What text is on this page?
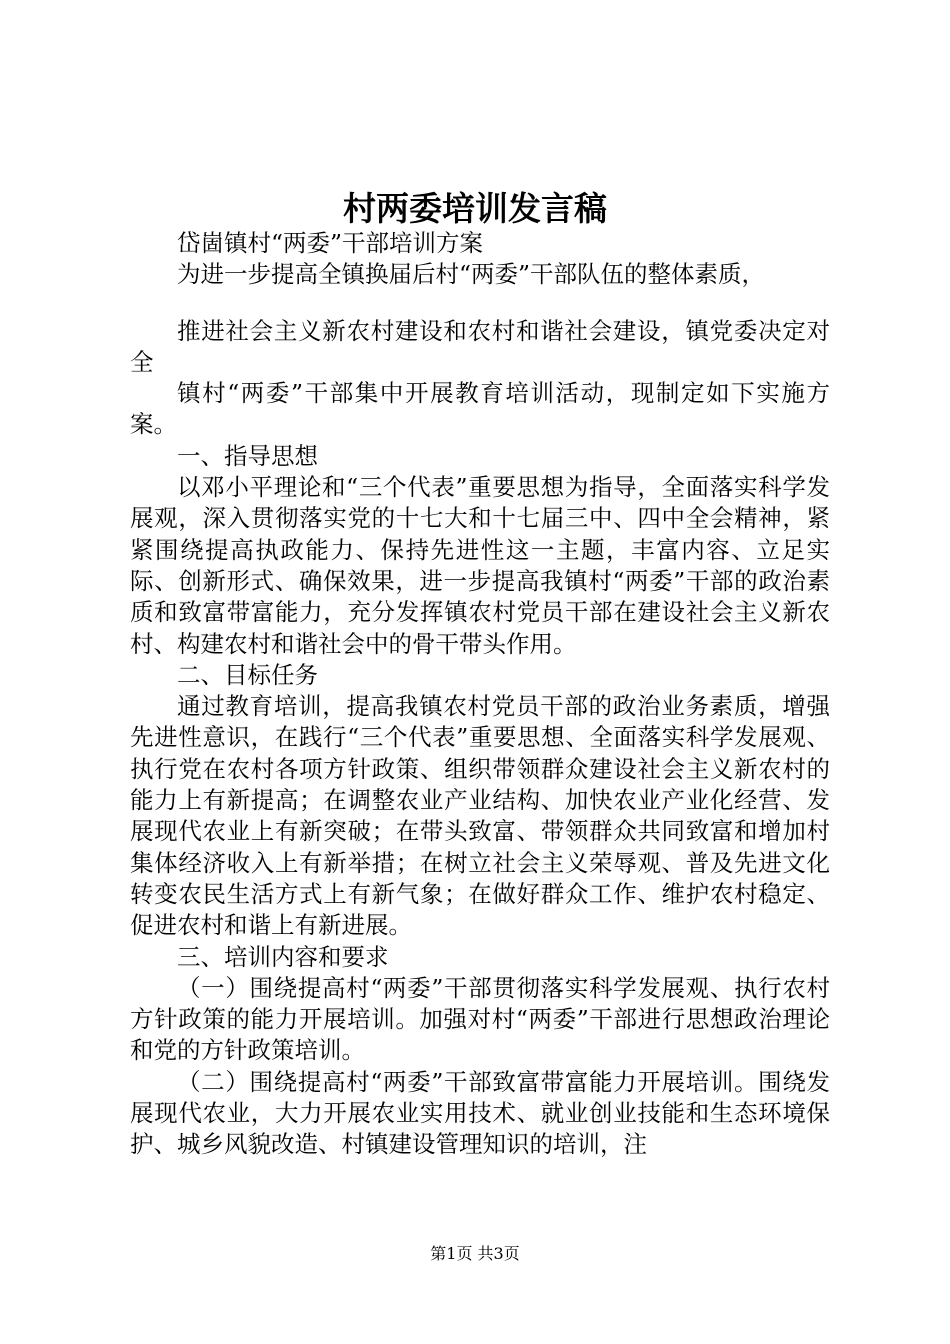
村两委培训发言稿

岱崮镇村“两委”干部培训方案

为进一步提高全镇换届后村“两委”干部队伍的整体素质，

推进社会主义新农村建设和农村和谐社会建设，镇党委决定对全

镇村“两委”干部集中开展教育培训活动，现制定如下实施方案。

一、指导思想

以邓小平理论和“三个代表”重要思想为指导，全面落实科学发展观，深入贯彻落实党的十七大和十七届三中、四中全会精神，紧紧围绕提高执政能力、保持先进性这一主题，丰富内容、立足实际、创新形式、确保效果，进一步提高我镇村“两委”干部的政治素质和致富带富能力，充分发挥镇农村党员干部在建设社会主义新农村、构建农村和谐社会中的骨干带头作用。

二、目标任务

通过教育培训，提高我镇农村党员干部的政治业务素质，增强先进性意识，在践行“三个代表”重要思想、全面落实科学发展观、执行党在农村各项方针政策、组织带领群众建设社会主义新农村的能力上有新提高；在调整农业产业结构、加快农业产业化经营、发展现代农业上有新突破；在带头致富、带领群众共同致富和增加村集体经济收入上有新举措；在树立社会主义荣辱观、普及先进文化转变农民生活方式上有新气象；在做好群众工作、维护农村稳定、促进农村和谐上有新进展。

三、培训内容和要求

（一）围绕提高村“两委”干部贯彻落实科学发展观、执行农村方针政策的能力开展培训。加强对村“两委”干部进行思想政治理论和党的方针政策培训。

（二）围绕提高村“两委”干部致富带富能力开展培训。围绕发展现代农业，大力开展农业实用技术、就业创业技能和生态环境保护、城乡风貌改造、村镇建设管理知识的培训，注

第1页 共3页
